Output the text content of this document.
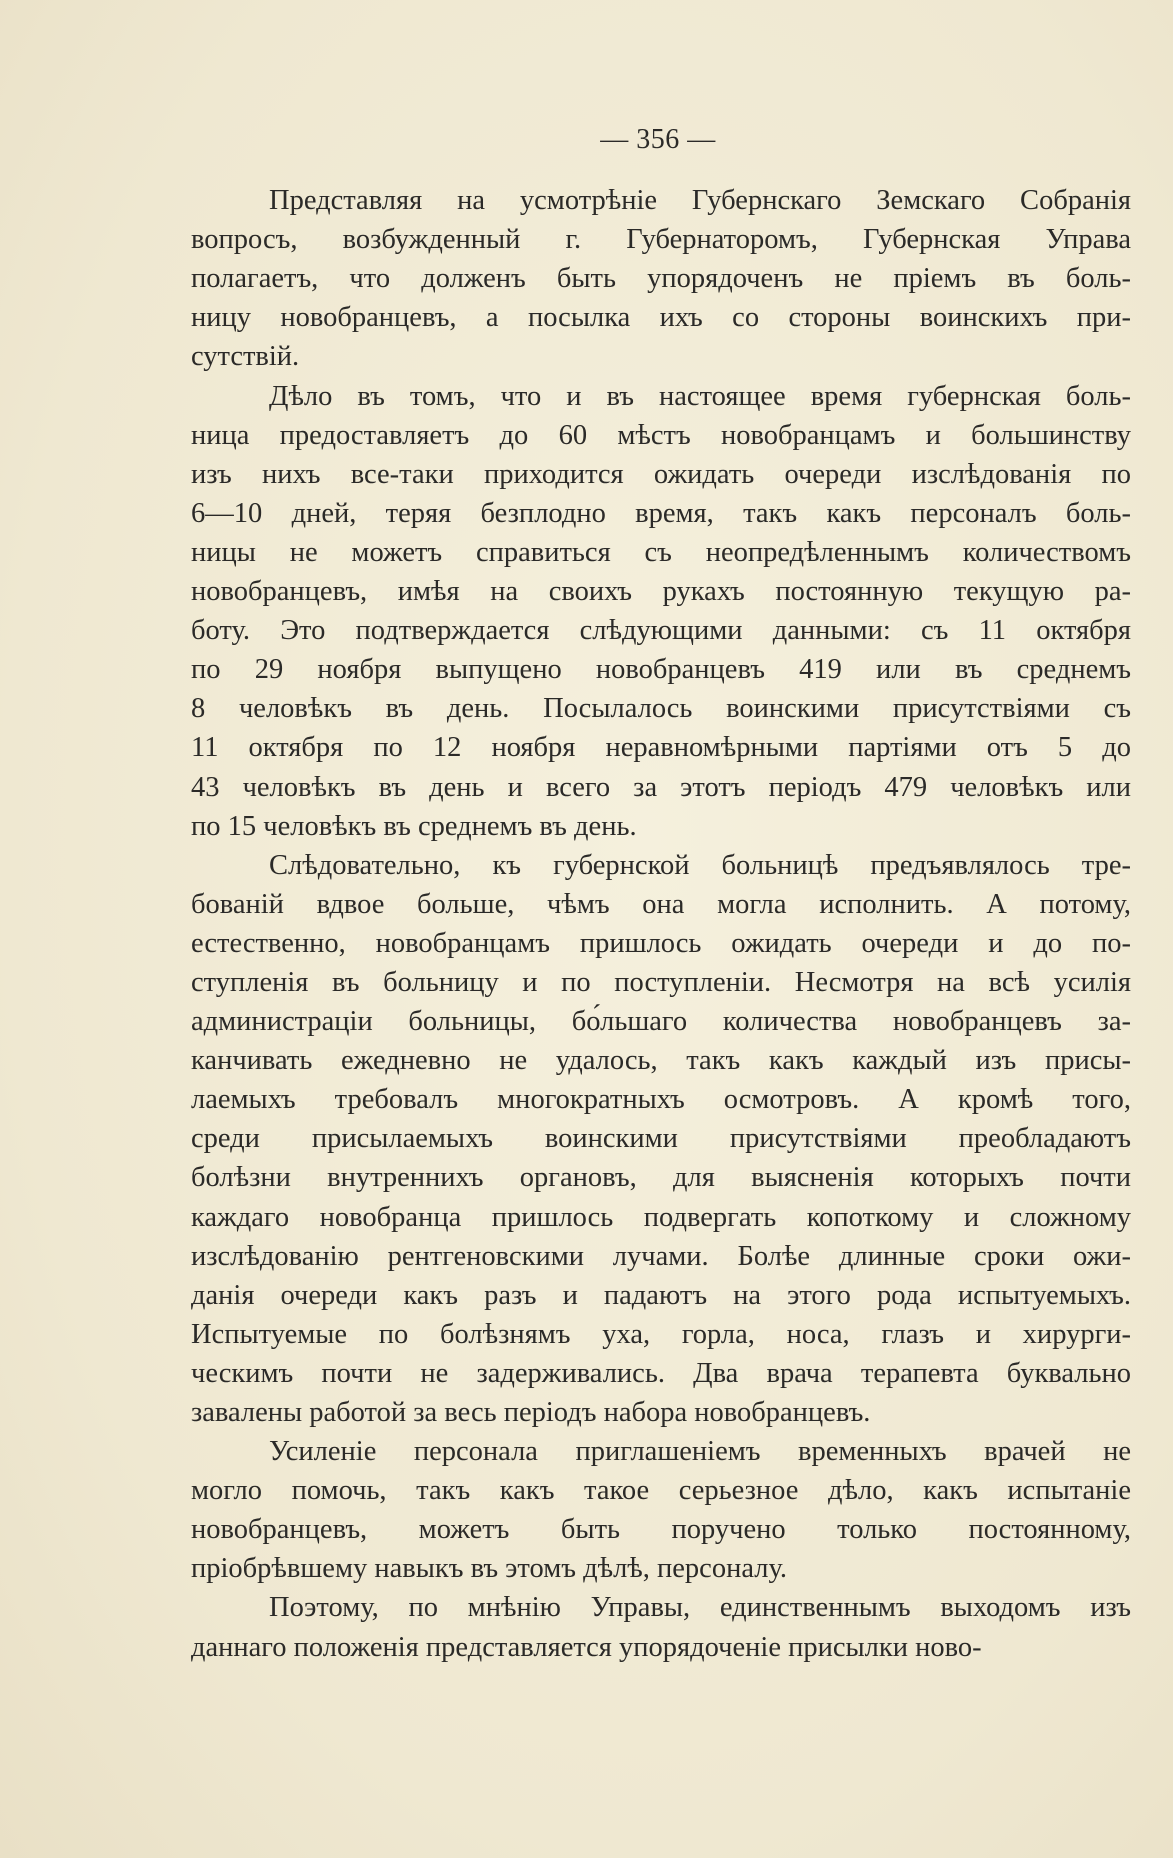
— 356 —
Представляя на усмотрѣніе Губернскаго Земскаго Собранія
вопросъ, возбужденный г. Губернаторомъ, Губернская Управа
полагаетъ, что долженъ быть упорядоченъ не пріемъ въ боль-
ницу новобранцевъ, а посылка ихъ со стороны воинскихъ при-
сутствій.
Дѣло въ томъ, что и въ настоящее время губернская боль-
ница предоставляетъ до 60 мѣстъ новобранцамъ и большинству
изъ нихъ все-таки приходится ожидать очереди изслѣдованія по
6—10 дней, теряя безплодно время, такъ какъ персоналъ боль-
ницы не можетъ справиться съ неопредѣленнымъ количествомъ
новобранцевъ, имѣя на своихъ рукахъ постоянную текущую ра-
боту. Это подтверждается слѣдующими данными: съ 11 октября
по 29 ноября выпущено новобранцевъ 419 или въ среднемъ
8 человѣкъ въ день. Посылалось воинскими присутствіями съ
11 октября по 12 ноября неравномѣрными партіями отъ 5 до
43 человѣкъ въ день и всего за этотъ періодъ 479 человѣкъ или
по 15 человѣкъ въ среднемъ въ день.
Слѣдовательно, къ губернской больницѣ предъявлялось тре-
бованій вдвое больше, чѣмъ она могла исполнить. А потому,
естественно, новобранцамъ пришлось ожидать очереди и до по-
ступленія въ больницу и по поступленіи. Несмотря на всѣ усилія
администраціи больницы, бо́льшаго количества новобранцевъ за-
канчивать ежедневно не удалось, такъ какъ каждый изъ присы-
лаемыхъ требовалъ многократныхъ осмотровъ. А кромѣ того,
среди присылаемыхъ воинскими присутствіями преобладаютъ
болѣзни внутреннихъ органовъ, для выясненія которыхъ почти
каждаго новобранца пришлось подвергать копоткому и сложному
изслѣдованію рентгеновскими лучами. Болѣе длинные сроки ожи-
данія очереди какъ разъ и падаютъ на этого рода испытуемыхъ.
Испытуемые по болѣзнямъ уха, горла, носа, глазъ и хирурги-
ческимъ почти не задерживались. Два врача терапевта буквально
завалены работой за весь періодъ набора новобранцевъ.
Усиленіе персонала приглашеніемъ временныхъ врачей не
могло помочь, такъ какъ такое серьезное дѣло, какъ испытаніе
новобранцевъ, можетъ быть поручено только постоянному,
пріобрѣвшему навыкъ въ этомъ дѣлѣ, персоналу.
Поэтому, по мнѣнію Управы, единственнымъ выходомъ изъ
даннаго положенія представляется упорядоченіе присылки ново-
